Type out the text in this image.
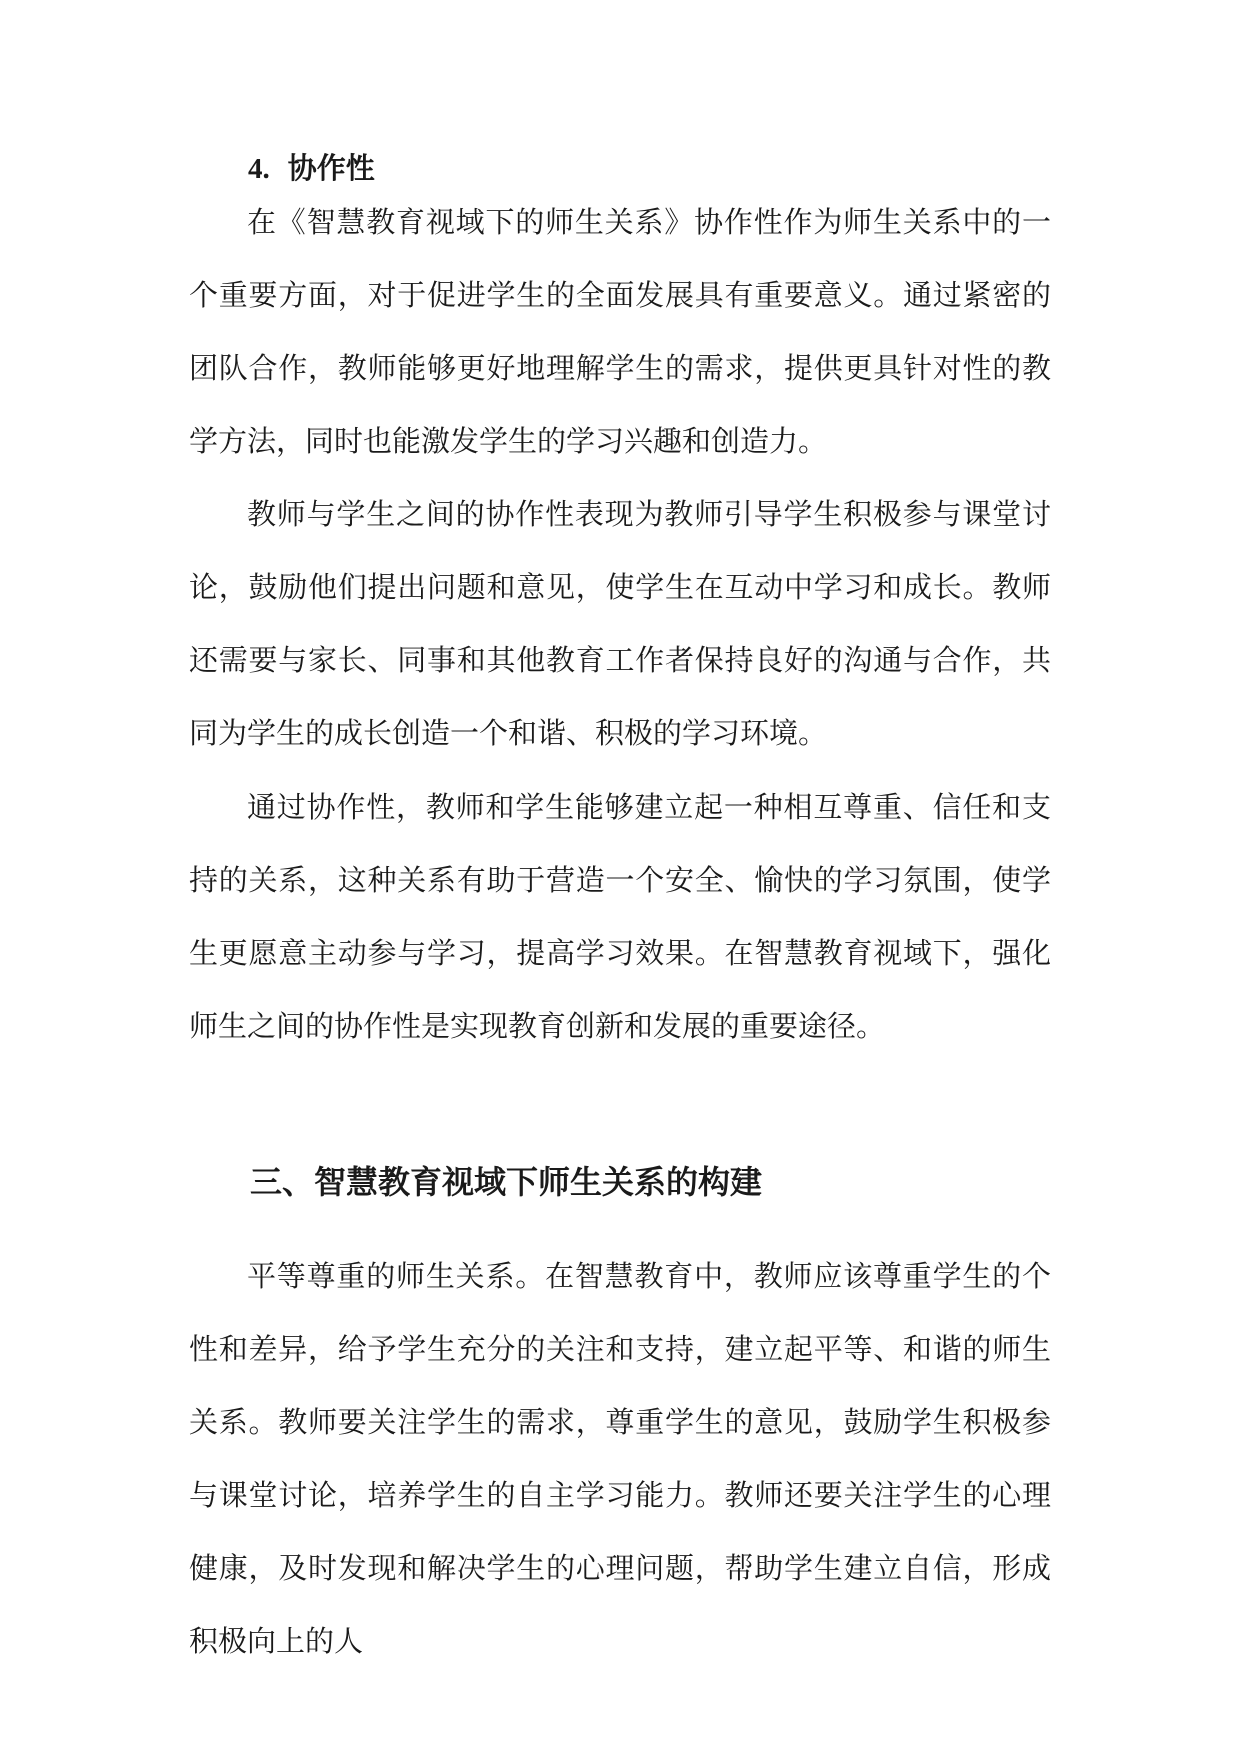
4. 协作性

在《智慧教育视域下的师生关系》协作性作为师生关系中的一个重要方面，对于促进学生的全面发展具有重要意义。通过紧密的团队合作，教师能够更好地理解学生的需求，提供更具针对性的教学方法，同时也能激发学生的学习兴趣和创造力。

教师与学生之间的协作性表现为教师引导学生积极参与课堂讨论，鼓励他们提出问题和意见，使学生在互动中学习和成长。教师还需要与家长、同事和其他教育工作者保持良好的沟通与合作，共同为学生的成长创造一个和谐、积极的学习环境。

通过协作性，教师和学生能够建立起一种相互尊重、信任和支持的关系，这种关系有助于营造一个安全、愉快的学习氛围，使学生更愿意主动参与学习，提高学习效果。在智慧教育视域下，强化师生之间的协作性是实现教育创新和发展的重要途径。

三、智慧教育视域下师生关系的构建

平等尊重的师生关系。在智慧教育中，教师应该尊重学生的个性和差异，给予学生充分的关注和支持，建立起平等、和谐的师生关系。教师要关注学生的需求，尊重学生的意见，鼓励学生积极参与课堂讨论，培养学生的自主学习能力。教师还要关注学生的心理健康，及时发现和解决学生的心理问题，帮助学生建立自信，形成积极向上的人
